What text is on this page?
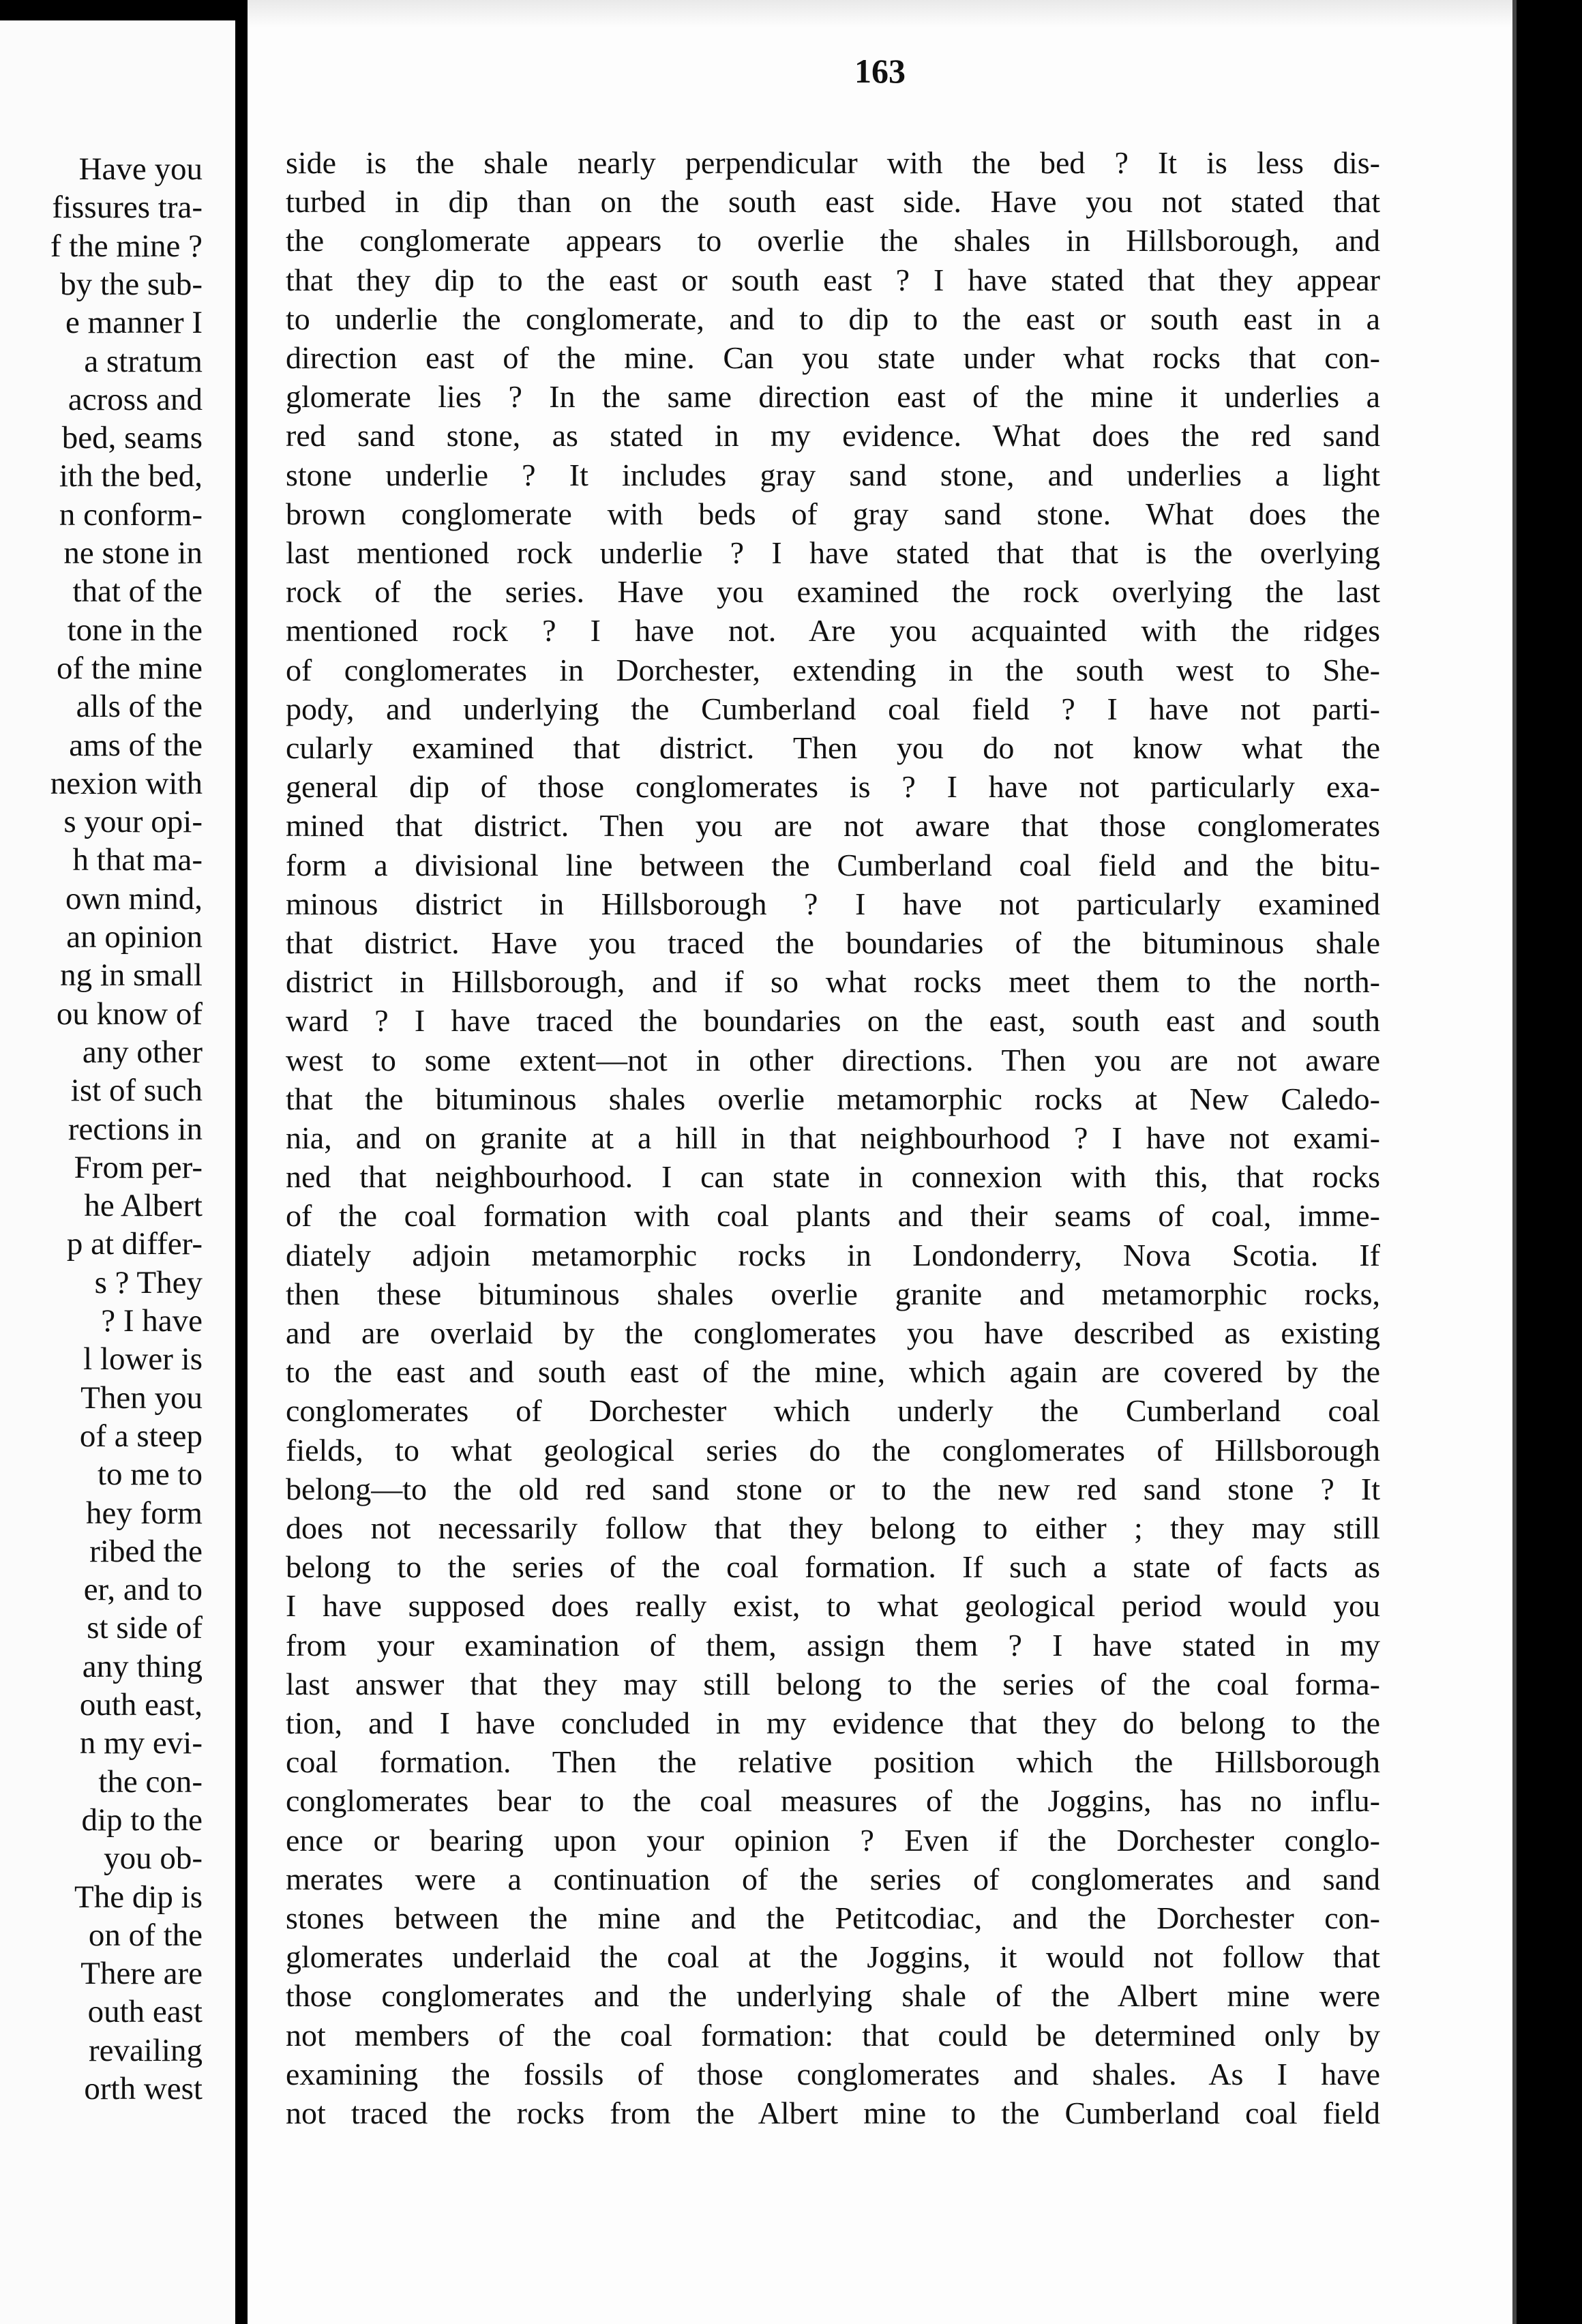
Have you
fissures tra-
f the mine ?
by the sub-
e manner I
a stratum
across and
bed, seams
ith the bed,
n conform-
ne stone in
that of the
tone in the
of the mine
alls of the
ams of the
nexion with
s your opi-
h that ma-
own mind,
an opinion
ng in small
ou know of
any other
ist of such
rections in
From per-
he Albert
p at differ-
s ? They
? I have
l lower is
Then you
of a steep
to me to
hey form
ribed the
er, and to
st side of
any thing
outh east,
n my evi-
the con-
dip to the
you ob-
The dip is
on of the
There are
outh east
revailing
orth west
163
side is the shale nearly perpendicular with the bed ? It is less dis-
turbed in dip than on the south east side. Have you not stated that
the conglomerate appears to overlie the shales in Hillsborough, and
that they dip to the east or south east ? I have stated that they appear
to underlie the conglomerate, and to dip to the east or south east in a
direction east of the mine. Can you state under what rocks that con-
glomerate lies ? In the same direction east of the mine it underlies a
red sand stone, as stated in my evidence. What does the red sand
stone underlie ? It includes gray sand stone, and underlies a light
brown conglomerate with beds of gray sand stone. What does the
last mentioned rock underlie ? I have stated that that is the overlying
rock of the series. Have you examined the rock overlying the last
mentioned rock ? I have not. Are you acquainted with the ridges
of conglomerates in Dorchester, extending in the south west to She-
pody, and underlying the Cumberland coal field ? I have not parti-
cularly examined that district. Then you do not know what the
general dip of those conglomerates is ? I have not particularly exa-
mined that district. Then you are not aware that those conglomerates
form a divisional line between the Cumberland coal field and the bitu-
minous district in Hillsborough ? I have not particularly examined
that district. Have you traced the boundaries of the bituminous shale
district in Hillsborough, and if so what rocks meet them to the north-
ward ? I have traced the boundaries on the east, south east and south
west to some extent—not in other directions. Then you are not aware
that the bituminous shales overlie metamorphic rocks at New Caledo-
nia, and on granite at a hill in that neighbourhood ? I have not exami-
ned that neighbourhood. I can state in connexion with this, that rocks
of the coal formation with coal plants and their seams of coal, imme-
diately adjoin metamorphic rocks in Londonderry, Nova Scotia. If
then these bituminous shales overlie granite and metamorphic rocks,
and are overlaid by the conglomerates you have described as existing
to the east and south east of the mine, which again are covered by the
conglomerates of Dorchester which underly the Cumberland coal
fields, to what geological series do the conglomerates of Hillsborough
belong—to the old red sand stone or to the new red sand stone ? It
does not necessarily follow that they belong to either ; they may still
belong to the series of the coal formation. If such a state of facts as
I have supposed does really exist, to what geological period would you
from your examination of them, assign them ? I have stated in my
last answer that they may still belong to the series of the coal forma-
tion, and I have concluded in my evidence that they do belong to the
coal formation. Then the relative position which the Hillsborough
conglomerates bear to the coal measures of the Joggins, has no influ-
ence or bearing upon your opinion ? Even if the Dorchester conglo-
merates were a continuation of the series of conglomerates and sand
stones between the mine and the Petitcodiac, and the Dorchester con-
glomerates underlaid the coal at the Joggins, it would not follow that
those conglomerates and the underlying shale of the Albert mine were
not members of the coal formation: that could be determined only by
examining the fossils of those conglomerates and shales. As I have
not traced the rocks from the Albert mine to the Cumberland coal field
